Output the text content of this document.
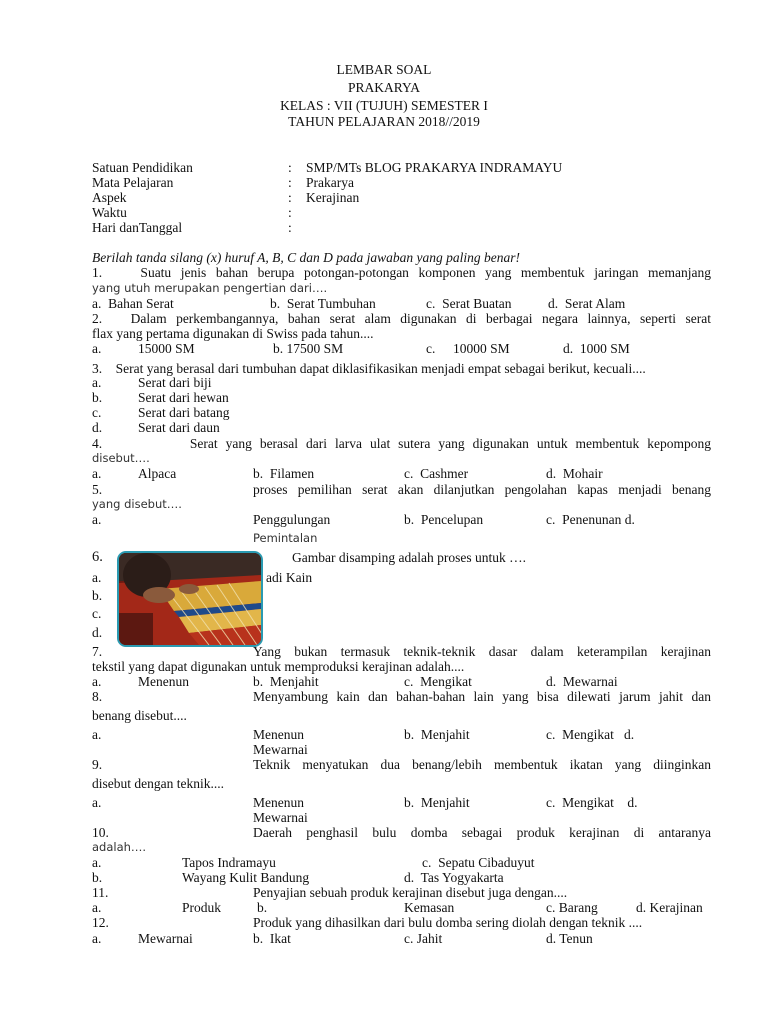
LEMBAR SOAL
PRAKARYA
KELAS : VII (TUJUH) SEMESTER I
TAHUN PELAJARAN 2018//2019
Satuan Pendidikan	: SMP/MTs BLOG PRAKARYA INDRAMAYU
Mata Pelajaran	: Prakarya
Aspek	: Kerajinan
Waktu	:
Hari danTanggal	:
Berilah tanda silang (x) huruf A, B, C dan D pada jawaban yang paling benar!
1.    Suatu jenis bahan berupa potongan-potongan komponen yang membentuk jaringan memanjang
yang utuh merupakan pengertian dari….
a.  Bahan Serat	b.  Serat Tumbuhan	c.  Serat Buatan	d.  Serat Alam
2.   Dalam perkembangannya, bahan serat alam digunakan di berbagai negara lainnya, seperti serat
flax yang pertama digunakan di Swiss pada tahun....
a.	15000 SM	b. 17500 SM	c. 10000 SM	d.  1000 SM
3.    Serat yang berasal dari tumbuhan dapat diklasifikasikan menjadi empat sebagai berikut, kecuali....
a.	Serat dari biji
b.	Serat dari hewan
c.	Serat dari batang
d.	Serat dari daun
4.           Serat yang berasal dari larva ulat sutera yang digunakan untuk membentuk kepompong
disebut….
a.	Alpaca	b.  Filamen	c.  Cashmer	d.  Mohair
5.	proses pemilihan serat akan dilanjutkan pengolahan kapas menjadi benang
yang disebut….
a.	Penggulungan	b.  Pencelupan	c.  Penenunan d.
Pemintalan
6.	Gambar disamping adalah proses untuk ….
a.	adi Kain
b.
c.
d.
7.	Yang bukan termasuk teknik-teknik dasar dalam keterampilan kerajinan
tekstil yang dapat digunakan untuk memproduksi kerajinan adalah....
a.	Menenun	b.  Menjahit	c.  Mengikat	d.  Mewarnai
8.	Menyambung kain dan bahan-bahan lain yang bisa dilewati jarum jahit dan
benang disebut....
a.	Menenun	b.  Menjahit	c.  Mengikat   d.
Mewarnai
9.	Teknik menyatukan dua benang/lebih membentuk ikatan yang diinginkan
disebut dengan teknik....
a.	Menenun	b.  Menjahit	c.  Mengikat    d.
Mewarnai
10.	Daerah penghasil bulu domba sebagai produk kerajinan di antaranya
adalah….
a.	Tapos Indramayu	c.  Sepatu Cibaduyut
b.	Wayang Kulit Bandung	d.  Tas Yogyakarta
11.	Penyajian sebuah produk kerajinan disebut juga dengan....
a.	Produk	b.	Kemasan	c. Barang	d. Kerajinan
12.	Produk yang dihasilkan dari bulu domba sering diolah dengan teknik ....
a.	Mewarnai	b.  Ikat	c. Jahit	d. Tenun
